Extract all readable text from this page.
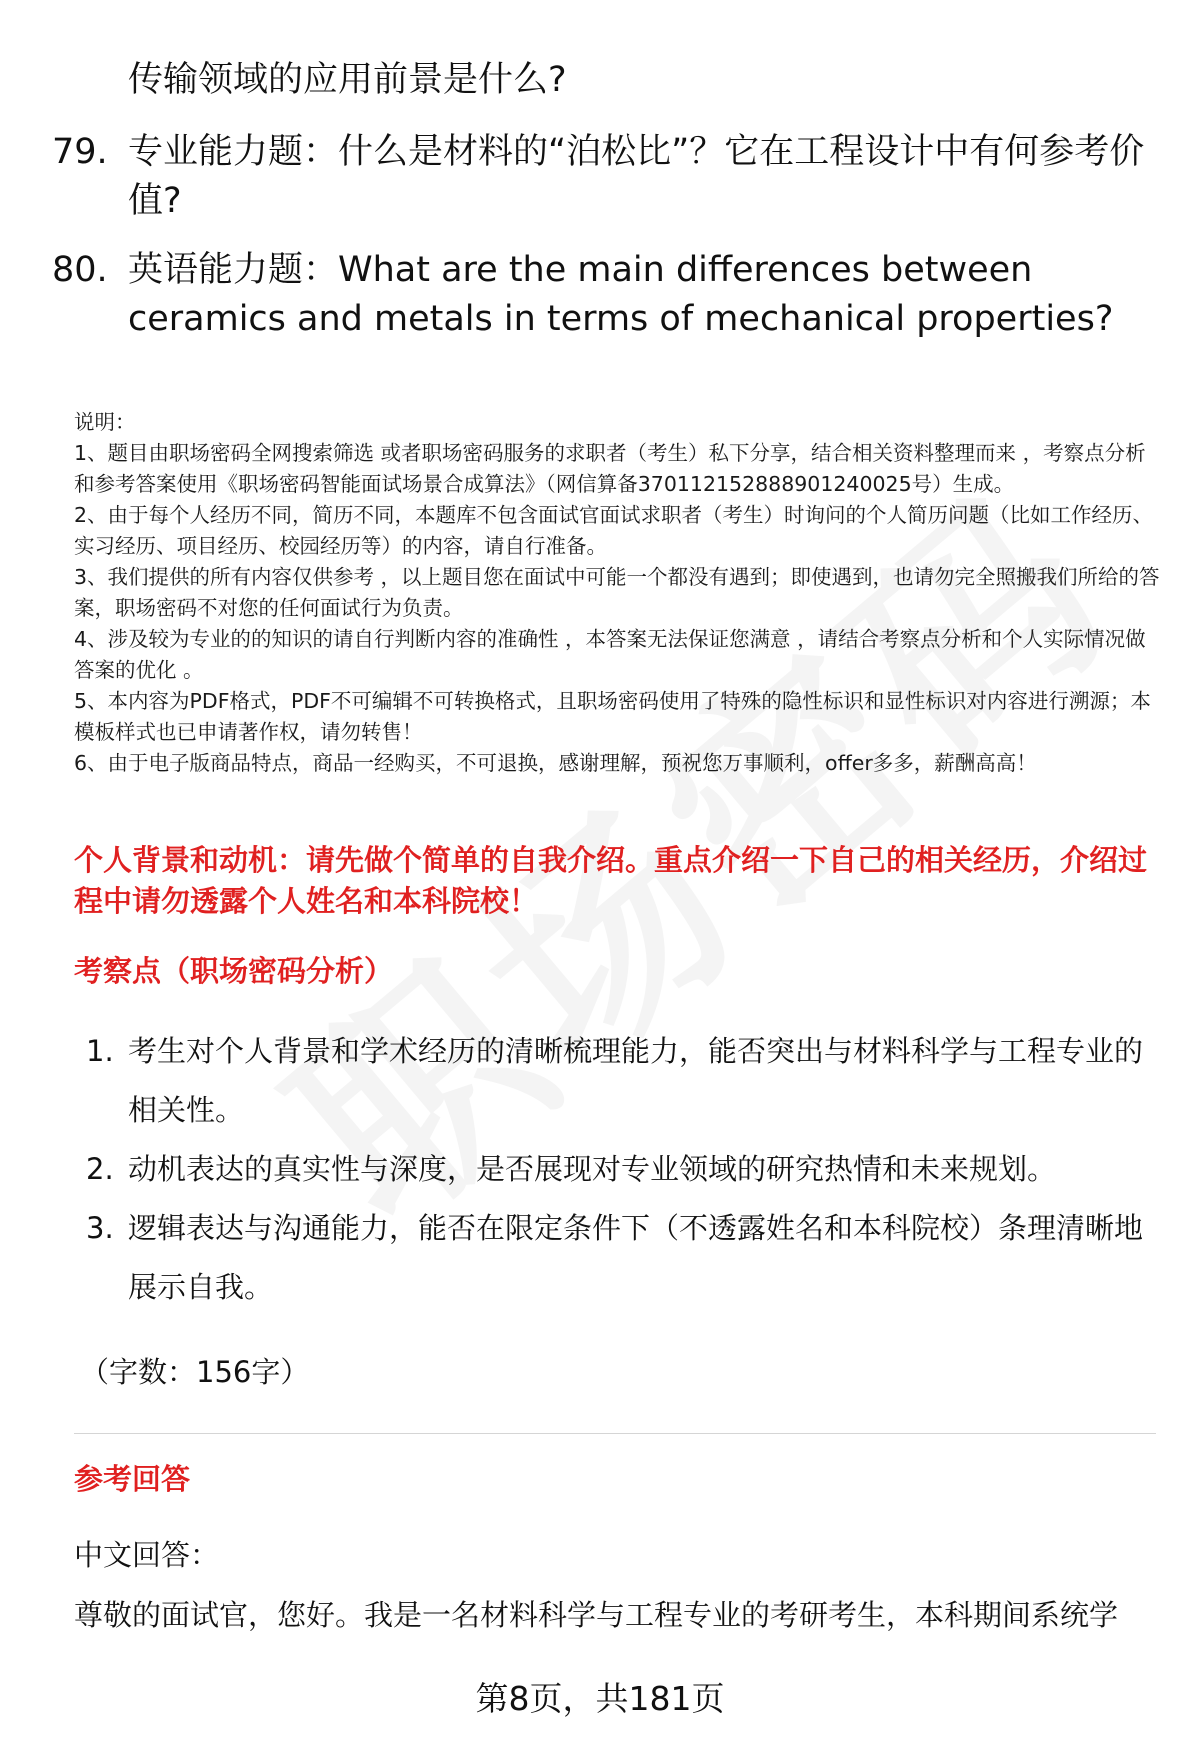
传输领域的应用前景是什么?
79. 专业能力题：什么是材料的“泊松比”？它在工程设计中有何参考价值?
80. 英语能力题：What are the main differences between ceramics and metals in terms of mechanical properties?

说明：

1、题目由职场密码全网搜索筛选 或者职场密码服务的求职者（考生）私下分享，结合相关资料整理而来 ，考察点分析和参考答案使用《职场密码智能面试场景合成算法》（网信算备370112152888901240025号）生成。

2、由于每个人经历不同，简历不同，本题库不包含面试官面试求职者（考生）时询问的个人简历问题（比如工作经历、实习经历、项目经历、校园经历等）的内容，请自行准备。

3、我们提供的所有内容仅供参考 ，以上题目您在面试中可能一个都没有遇到；即使遇到，也请勿完全照搬我们所给的答案，职场密码不对您的任何面试行为负责。

4、涉及较为专业的的知识的请自行判断内容的准确性 ，本答案无法保证您满意 ，请结合考察点分析和个人实际情况做答案的优化 。

5、本内容为PDF格式，PDF不可编辑不可转换格式，且职场密码使用了特殊的隐性标识和显性标识对内容进行溯源；本模板样式也已申请著作权，请勿转售！

6、由于电子版商品特点，商品一经购买，不可退换，感谢理解，预祝您万事顺利，offer多多，薪酬高高！

个人背景和动机：请先做个简单的自我介绍。重点介绍一下自己的相关经历，介绍过程中请勿透露个人姓名和本科院校！
考察点（职场密码分析）
1. 考生对个人背景和学术经历的清晰梳理能力，能否突出与材料科学与工程专业的相关性。
2. 动机表达的真实性与深度，是否展现对专业领域的研究热情和未来规划。
3. 逻辑表达与沟通能力，能否在限定条件下（不透露姓名和本科院校）条理清晰地展示自我。
（字数：156字）
参考回答
中文回答：
尊敬的面试官，您好。我是一名材料科学与工程专业的考研考生，本科期间系统学
第8页，共181页
